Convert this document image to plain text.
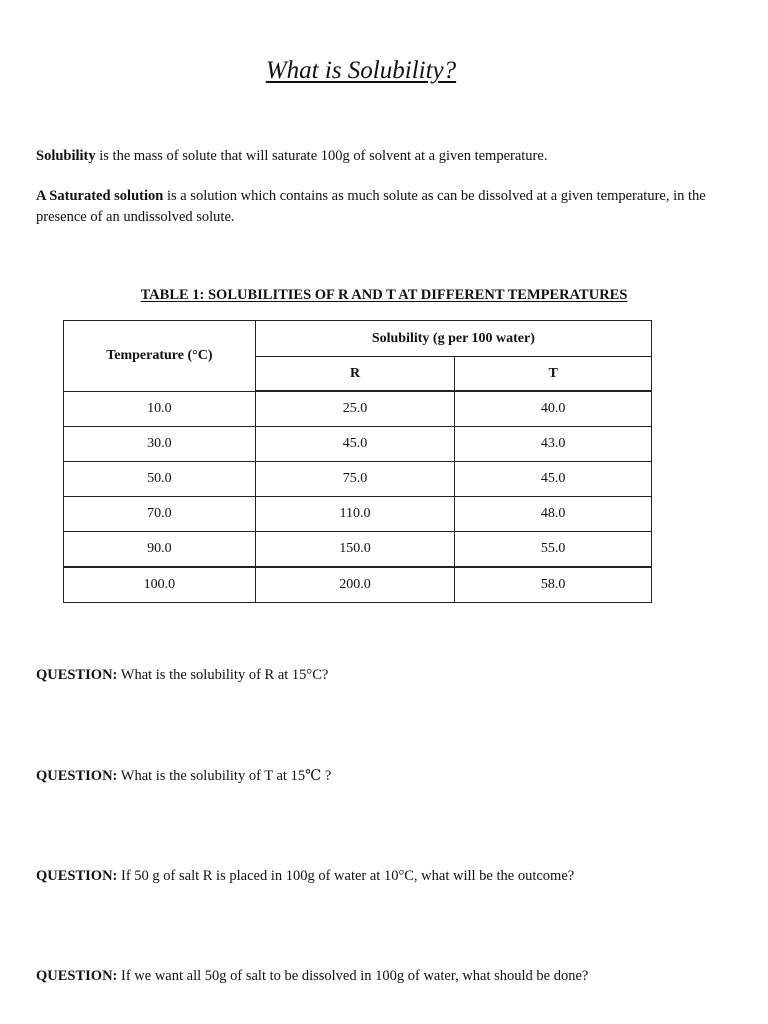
What is Solubility?

Solubility is the mass of solute that will saturate 100g of solvent at a given temperature.

A Saturated solution is a solution which contains as much solute as can be dissolved at a given temperature, in the presence of an undissolved solute.

TABLE 1: SOLUBILITIES OF R AND T AT DIFFERENT TEMPERATURES

Temperature (°C)	Solubility (g per 100 water)	
	R	T
10.0	25.0	40.0
30.0	45.0	43.0
50.0	75.0	45.0
70.0	110.0	48.0
90.0	150.0	55.0
100.0	200.0	58.0

QUESTION: What is the solubility of R at 15°C?

QUESTION: What is the solubility of T at 15℃ ?

QUESTION: If 50 g of salt R is placed in 100g of water at 10°C, what will be the outcome?

QUESTION: If we want all 50g of salt to be dissolved in 100g of water, what should be done?
